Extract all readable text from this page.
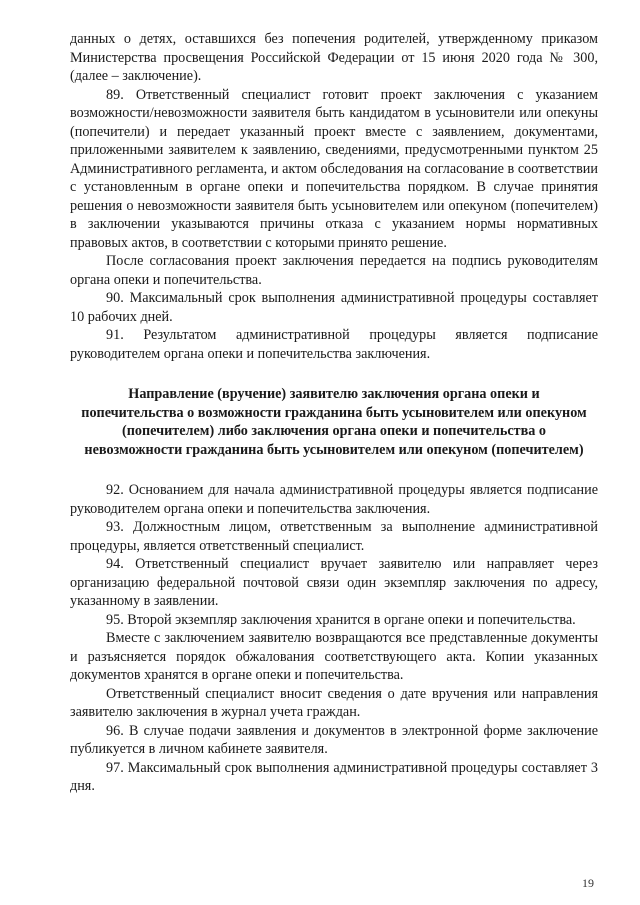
данных о детях, оставшихся без попечения родителей, утвержденному приказом Министерства просвещения Российской Федерации от 15 июня 2020 года № 300, (далее – заключение).

89. Ответственный специалист готовит проект заключения с указанием возможности/невозможности заявителя быть кандидатом в усыновители или опекуны (попечители) и передает указанный проект вместе с заявлением, документами, приложенными заявителем к заявлению, сведениями, предусмотренными пунктом 25 Административного регламента, и актом обследования на согласование в соответствии с установленным в органе опеки и попечительства порядком. В случае принятия решения о невозможности заявителя быть усыновителем или опекуном (попечителем) в заключении указываются причины отказа с указанием нормы нормативных правовых актов, в соответствии с которыми принято решение.

После согласования проект заключения передается на подпись руководителям органа опеки и попечительства.

90. Максимальный срок выполнения административной процедуры составляет 10 рабочих дней.

91. Результатом административной процедуры является подписание руководителем органа опеки и попечительства заключения.

Направление (вручение) заявителю заключения органа опеки и попечительства о возможности гражданина быть усыновителем или опекуном (попечителем) либо заключения органа опеки и попечительства о невозможности гражданина быть усыновителем или опекуном (попечителем)

92. Основанием для начала административной процедуры является подписание руководителем органа опеки и попечительства заключения.

93. Должностным лицом, ответственным за выполнение административной процедуры, является ответственный специалист.

94. Ответственный специалист вручает заявителю или направляет через организацию федеральной почтовой связи один экземпляр заключения по адресу, указанному в заявлении.

95. Второй экземпляр заключения хранится в органе опеки и попечительства.

Вместе с заключением заявителю возвращаются все представленные документы и разъясняется порядок обжалования соответствующего акта. Копии указанных документов хранятся в органе опеки и попечительства.

Ответственный специалист вносит сведения о дате вручения или направления заявителю заключения в журнал учета граждан.

96. В случае подачи заявления и документов в электронной форме заключение публикуется в личном кабинете заявителя.

97. Максимальный срок выполнения административной процедуры составляет 3 дня.

19
